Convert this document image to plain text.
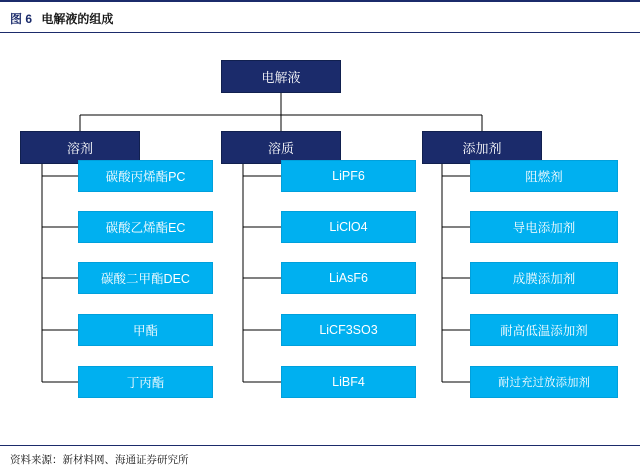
图 6 电解液的组成
电解液
溶剂	溶质	添加剂
碳酸丙烯酯PC
碳酸乙烯酯EC
碳酸二甲酯DEC
甲酯
丁丙酯
LiPF6
LiClO4
LiAsF6
LiCF3SO3
LiBF4
阻燃剂
导电添加剂
成膜添加剂
耐高低温添加剂
耐过充过放添加剂
资料来源：新材料网、海通证券研究所
